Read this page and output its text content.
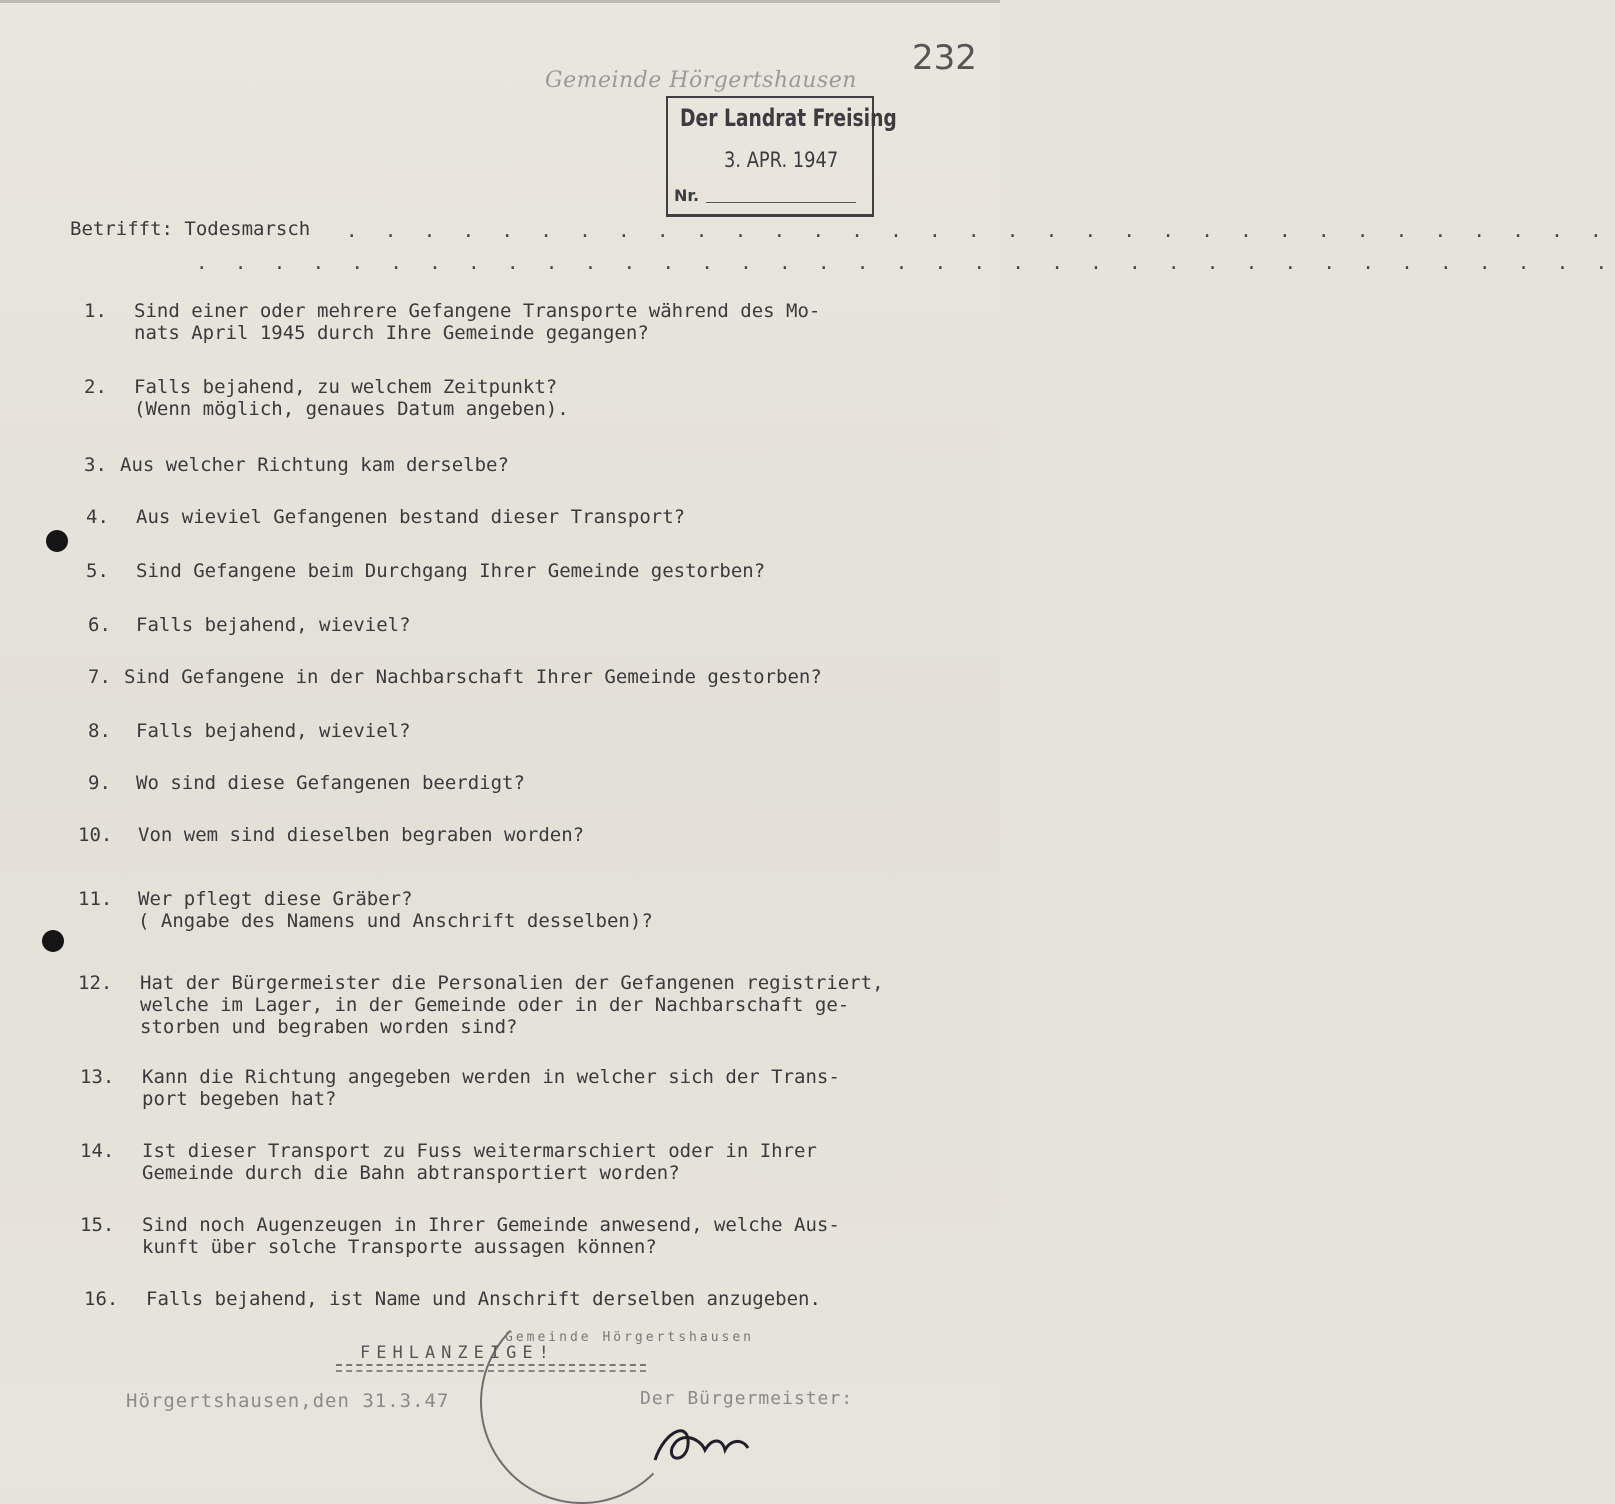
232
Gemeinde Hörgertshausen
Der Landrat Freising
3. APR. 1947
Nr.
Betrifft: Todesmarsch . . . . . . . . . . . . . . . . . . . . . . . . . . . . . . . . .
. . . . . . . . . . . . . . . . . . . . . . . . . . . . . . . . . . . . .
1. Sind einer oder mehrere Gefangene Transporte während des Mo-
nats April 1945 durch Ihre Gemeinde gegangen?
2. Falls bejahend, zu welchem Zeitpunkt?
(Wenn möglich, genaues Datum angeben).
3. Aus welcher Richtung kam derselbe?
4. Aus wieviel Gefangenen bestand dieser Transport?
5. Sind Gefangene beim Durchgang Ihrer Gemeinde gestorben?
6. Falls bejahend, wieviel?
7. Sind Gefangene in der Nachbarschaft Ihrer Gemeinde gestorben?
8. Falls bejahend, wieviel?
9. Wo sind diese Gefangenen beerdigt?
10. Von wem sind dieselben begraben worden?
11. Wer pflegt diese Gräber?
( Angabe des Namens und Anschrift desselben)?
12. Hat der Bürgermeister die Personalien der Gefangenen registriert,
welche im Lager, in der Gemeinde oder in der Nachbarschaft ge-
storben und begraben worden sind?
13. Kann die Richtung angegeben werden in welcher sich der Trans-
port begeben hat?
14. Ist dieser Transport zu Fuss weitermarschiert oder in Ihrer
Gemeinde durch die Bahn abtransportiert worden?
15. Sind noch Augenzeugen in Ihrer Gemeinde anwesend, welche Aus-
kunft über solche Transporte aussagen können?
16. Falls bejahend, ist Name und Anschrift derselben anzugeben.
Gemeinde Hörgertshausen
FEHLANZEIGE!
Hörgertshausen,den 31.3.47	Der Bürgermeister:
